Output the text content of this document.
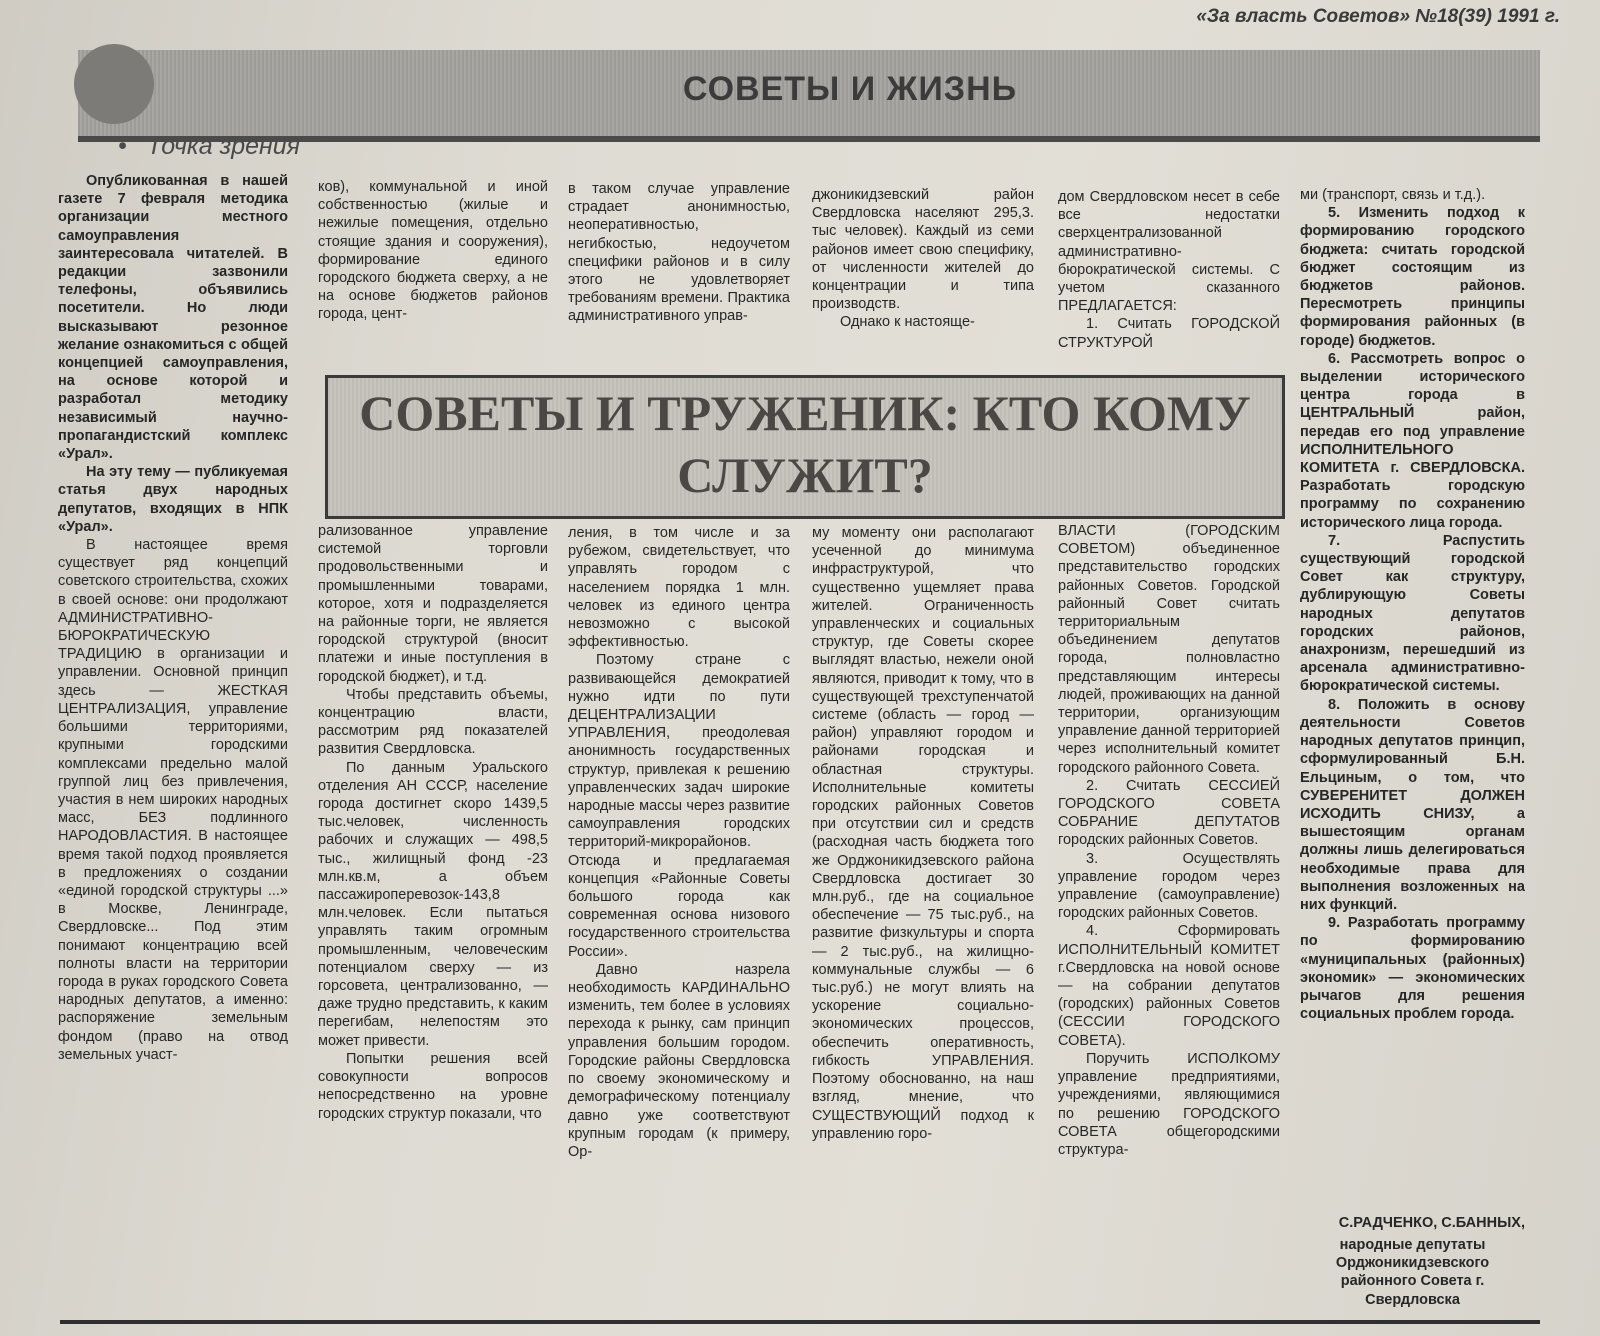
«За власть Советов» №18(39) 1991 г.
СОВЕТЫ И ЖИЗНЬ
• Точка зрения

Опубликованная в нашей газете 7 февраля методика организации местного самоуправления заинтересовала читателей. В редакции зазвонили телефоны, объявились посетители. Но люди высказывают резонное желание ознакомиться с общей концепцией самоуправления, на основе которой и разработал методику независимый научно-пропагандистский комплекс «Урал».

На эту тему — публикуемая статья двух народных депутатов, входящих в НПК «Урал».

В настоящее время существует ряд концепций советского строительства, схожих в своей основе: они продолжают АДМИНИСТРАТИВНО-БЮРОКРАТИЧЕСКУЮ ТРАДИЦИЮ в организации и управлении. Основной принцип здесь — ЖЕСТКАЯ ЦЕНТРАЛИЗАЦИЯ, управление большими территориями, крупными городскими комплексами предельно малой группой лиц без привлечения, участия в нем широких народных масс, БЕЗ подлинного НАРОДОВЛАСТИЯ. В настоящее время такой подход проявляется в предложениях о создании «единой городской структуры ...» в Москве, Ленинграде, Свердловске... Под этим понимают концентрацию всей полноты власти на территории города в руках городского Совета народных депутатов, а именно: распоряжение земельным фондом (право на отвод земельных участ-

ков), коммунальной и иной собственностью (жилые и нежилые помещения, отдельно стоящие здания и сооружения), формирование единого городского бюджета сверху, а не на основе бюджетов районов города, цент-

рализованное управление системой торговли продовольственными и промышленными товарами, которое, хотя и подразделяется на районные торги, не является городской структурой (вносит платежи и иные поступления в городской бюджет), и т.д.

Чтобы представить объемы, концентрацию власти, рассмотрим ряд показателей развития Свердловска.

По данным Уральского отделения АН СССР, население города достигнет скоро 1439,5 тыс.человек, численность рабочих и служащих — 498,5 тыс., жилищный фонд -23 млн.кв.м, а объем пассажироперевозок-143,8 млн.человек. Если пытаться управлять таким огромным промышленным, человеческим потенциалом сверху — из горсовета, централизованно, — даже трудно представить, к каким перегибам, нелепостям это может привести.

Попытки решения всей совокупности вопросов непосредственно на уровне городских структур показали, что

в таком случае управление страдает анонимностью, неоперативностью, негибкостью, недоучетом специфики районов и в силу этого не удовлетворяет требованиям времени. Практика административного управ-

ления, в том числе и за рубежом, свидетельствует, что управлять городом с населением порядка 1 млн. человек из единого центра невозможно с высокой эффективностью.

Поэтому стране с развивающейся демократией нужно идти по пути ДЕЦЕНТРАЛИЗАЦИИ УПРАВЛЕНИЯ, преодолевая анонимность государственных структур, привлекая к решению управленческих задач широкие народные массы через развитие самоуправления городских территорий-микрорайонов. Отсюда и предлагаемая концепция «Районные Советы большого города как современная основа низового государственного строительства России».

Давно назрела необходимость КАРДИНАЛЬНО изменить, тем более в условиях перехода к рынку, сам принцип управления большим городом. Городские районы Свердловска по своему экономическому и демографическому потенциалу давно уже соответствуют крупным городам (к примеру, Ор-

джоникидзевский район Свердловска населяют 295,3. тыс человек). Каждый из семи районов имеет свою специфику, от численности жителей до концентрации и типа производств.

Однако к настояще-

му моменту они располагают усеченной до минимума инфраструктурой, что существенно ущемляет права жителей. Ограниченность управленческих и социальных структур, где Советы скорее выглядят властью, нежели оной являются, приводит к тому, что в существующей трехступенчатой системе (область — город — район) управляют городом и районами городская и областная структуры. Исполнительные комитеты городских районных Советов при отсутствии сил и средств (расходная часть бюджета того же Орджоникидзевского района Свердловска достигает 30 млн.руб., где на социальное обеспечение — 75 тыс.руб., на развитие физкультуры и спорта — 2 тыс.руб., на жилищно-коммунальные службы — 6 тыс.руб.) не могут влиять на ускорение социально-экономических процессов, обеспечить оперативность, гибкость УПРАВЛЕНИЯ. Поэтому обоснованно, на наш взгляд, мнение, что СУЩЕСТВУЮЩИЙ подход к управлению горо-

дом Свердловском несет в себе все недостатки сверхцентрализованной административно-бюрократической системы. С учетом сказанного ПРЕДЛАГАЕТСЯ:

1. Считать ГОРОДСКОЙ СТРУКТУРОЙ

ВЛАСТИ (ГОРОДСКИМ СОВЕТОМ) объединенное представительство городских районных Советов. Городской районный Совет считать территориальным объединением депутатов города, полновластно представляющим интересы людей, проживающих на данной территории, организующим управление данной территорией через исполнительный комитет городского районного Совета.

2. Считать СЕССИЕЙ ГОРОДСКОГО СОВЕТА СОБРАНИЕ ДЕПУТАТОВ городских районных Советов.

3. Осуществлять управление городом через управление (самоуправление) городских районных Советов.

4. Сформировать ИСПОЛНИТЕЛЬНЫЙ КОМИТЕТ г.Свердловска на новой основе — на собрании депутатов (городских) районных Советов (СЕССИИ ГОРОДСКОГО СОВЕТА).

Поручить ИСПОЛКОМУ управление предприятиями, учреждениями, являющимися по решению ГОРОДСКОГО СОВЕТА общегородскими структура-

ми (транспорт, связь и т.д.).

5. Изменить подход к формированию городского бюджета: считать городской бюджет состоящим из бюджетов районов. Пересмотреть принципы формирования районных (в городе) бюджетов.

6. Рассмотреть вопрос о выделении исторического центра города в ЦЕНТРАЛЬНЫЙ район, передав его под управление ИСПОЛНИТЕЛЬНОГО КОМИТЕТА г. СВЕРДЛОВСКА. Разработать городскую программу по сохранению исторического лица города.

7. Распустить существующий городской Совет как структуру, дублирующую Советы народных депутатов городских районов, анахронизм, перешедший из арсенала административно-бюрократической системы.

8. Положить в основу деятельности Советов народных депутатов принцип, сформулированный Б.Н. Ельциным, о том, что СУВЕРЕНИТЕТ ДОЛЖЕН ИСХОДИТЬ СНИЗУ, а вышестоящим органам должны лишь делегироваться необходимые права для выполнения возложенных на них функций.

9. Разработать программу по формированию «муниципальных (районных) экономик» — экономических рычагов для решения социальных проблем города.

С.РАДЧЕНКО, С.БАННЫХ,
народные депутаты Орджоникидзевского районного Совета г. Свердловска
СОВЕТЫ И ТРУЖЕНИК: КТО КОМУ СЛУЖИТ?
